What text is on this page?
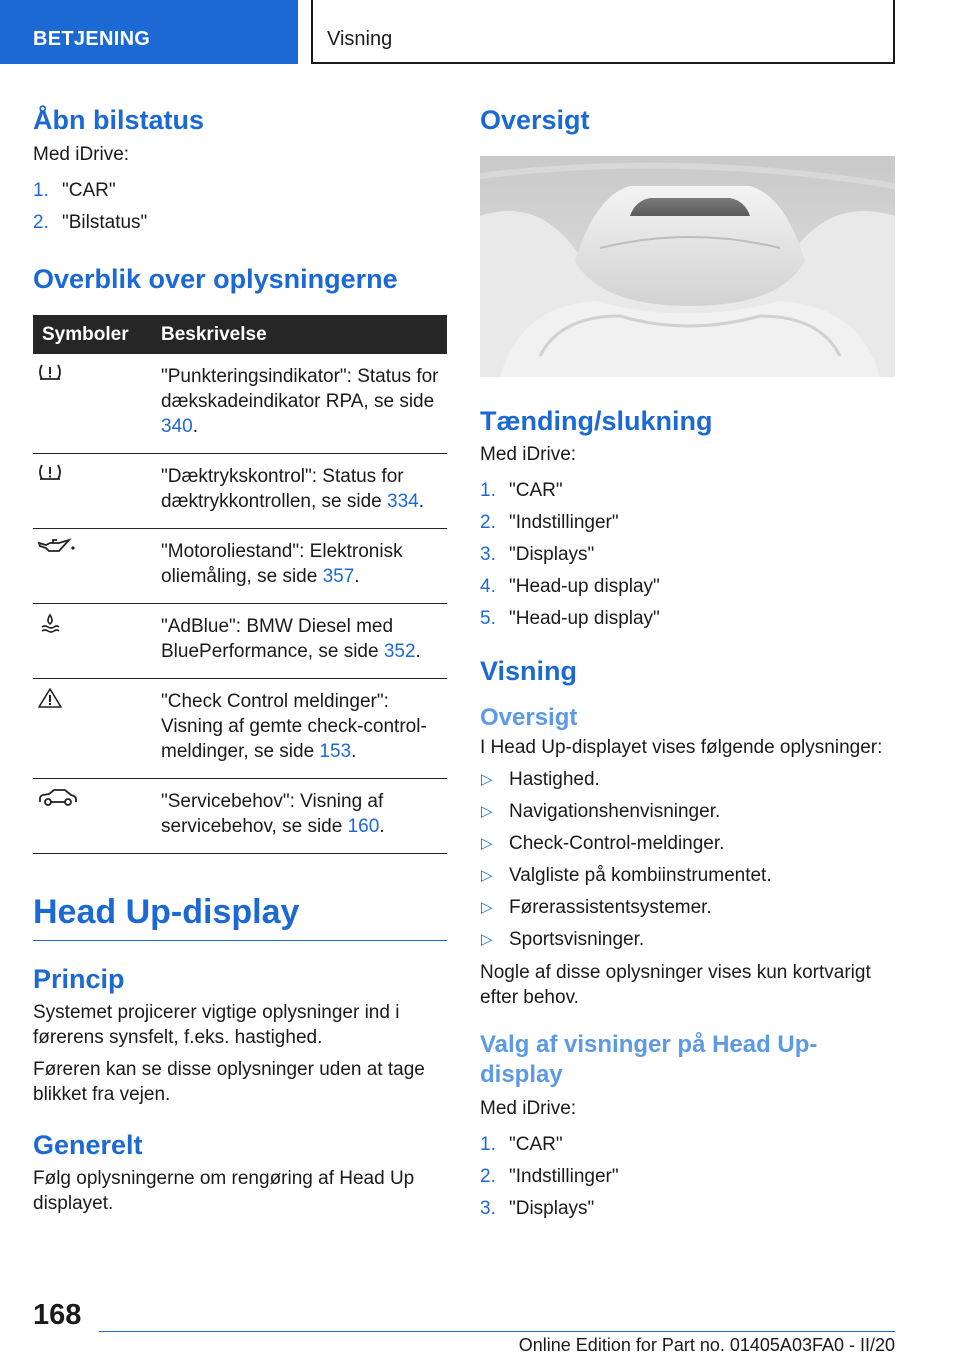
BETJENING	Visning
Åbn bilstatus

Med iDrive:

1. "CAR"
2. "Bilstatus"
Overblik over oplysningerne
Symboler	Beskrivelse

	"Punkteringsindikator": Status for dækskadeindikator RPA, se side 340.

	"Dæktrykskontrol": Status for dæktrykkontrollen, se side 334.

	"Motoroliestand": Elektronisk oliemåling, se side 357.

	"AdBlue": BMW Diesel med BluePerformance, se side 352.

	"Check Control meldinger": Visning af gemte check-control-meldinger, se side 153.

	"Servicebehov": Visning af servicebehov, se side 160.
Head Up-display
Princip

Systemet projicerer vigtige oplysninger ind i førerens synsfelt, f.eks. hastighed.

Føreren kan se disse oplysninger uden at tage blikket fra vejen.

Generelt

Følg oplysningerne om rengøring af Head Up displayet.

Oversigt
Tænding/slukning

Med iDrive:

1. "CAR"
2. "Indstillinger"
3. "Displays"
4. "Head-up display"
5. "Head-up display"
Visning
Oversigt

I Head Up-displayet vises følgende oplysninger:

▷ Hastighed.
▷ Navigationshenvisninger.
▷ Check-Control-meldinger.
▷ Valgliste på kombiinstrumentet.
▷ Førerassistentsystemer.
▷ Sportsvisninger.

Nogle af disse oplysninger vises kun kortvarigt efter behov.

Valg af visninger på Head Up-display

Med iDrive:

1. "CAR"
2. "Indstillinger"
3. "Displays"
168
Online Edition for Part no. 01405A03FA0 - II/20
